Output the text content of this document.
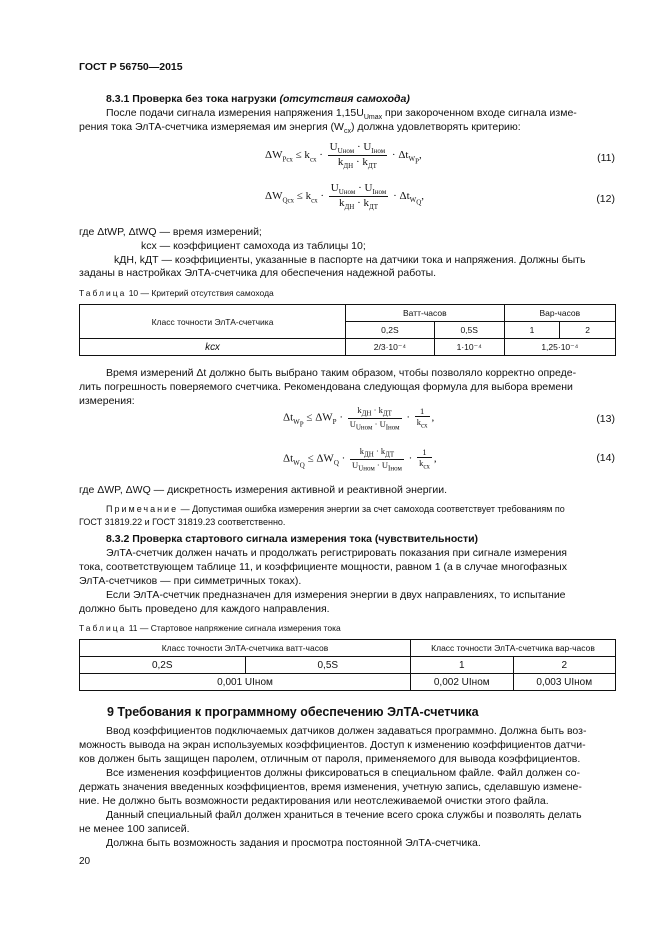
ГОСТ Р 56750—2015
8.3.1 Проверка без тока нагрузки (отсутствия самохода)
После подачи сигнала измерения напряжения $1,15U_{Umax}$ при закороченном входе сигнала изме-
рения тока ЭлТА-счетчика измеряемая им энергия $(W_{сх})$ должна удовлетворять критерию:
$\Delta W_{Pсх} \le k_{сх} \cdot \frac{U_{Uном} \cdot U_{Iном}}{k_{ДН} \cdot k_{ДТ}} \cdot \Delta t_{W_P}$,	(11)
$\Delta W_{Qсх} \le k_{сх} \cdot \frac{U_{Uном} \cdot U_{Iном}}{k_{ДН} \cdot k_{ДТ}} \cdot \Delta t_{W_Q}$,	(12)
где ΔtWP, ΔtWQ — время измерений;
kсх — коэффициент самохода из таблицы 10;
kДН, kДТ — коэффициенты, указанные в паспорте на датчики тока и напряжения. Должны быть
заданы в настройках ЭлТА-счетчика для обеспечения надежной работы.
Таблица 10 — Критерий отсутствия самохода
Класс точности ЭлТА-счетчика	Ватт-часов		Вар-часов	
	0,2S	0,5S	1	2
kсх	2/3·10⁻⁴	1·10⁻⁴	1,25·10⁻⁴	
Время измерений Δt должно быть выбрано таким образом, чтобы позволяло корректно опреде-
лить погрешность поверяемого счетчика. Рекомендована следующая формула для выбора времени
измерения:
$\Delta t_{W_P} \le \Delta W_P \cdot \frac{k_{ДН} \cdot k_{ДТ}}{U_{Uном} \cdot U_{Iном}} \cdot \frac{1}{k_{сх}}$ ,	(13)
$\Delta t_{W_Q} \le \Delta W_Q \cdot \frac{k_{ДН} \cdot k_{ДТ}}{U_{Uном} \cdot U_{Iном}} \cdot \frac{1}{k_{сх}}$ ,	(14)
где ΔWP, ΔWQ — дискретность измерения активной и реактивной энергии.
Примечание — Допустимая ошибка измерения энергии за счет самохода соответствует требованиям по
ГОСТ 31819.22 и ГОСТ 31819.23 соответственно.
8.3.2 Проверка стартового сигнала измерения тока (чувствительности)
ЭлТА-счетчик должен начать и продолжать регистрировать показания при сигнале измерения
тока, соответствующем таблице 11, и коэффициенте мощности, равном 1 (а в случае многофазных
ЭлТА-счетчиков — при симметричных токах).
Если ЭлТА-счетчик предназначен для измерения энергии в двух направлениях, то испытание
должно быть проведено для каждого направления.
Таблица 11 — Стартовое напряжение сигнала измерения тока
Класс точности ЭлТА-счетчика ватт-часов		Класс точности ЭлТА-счетчика вар-часов	
0,2S	0,5S	1	2
0,001 UIном		0,002 UIном	0,003 UIном
9 Требования к программному обеспечению ЭлТА-счетчика
Ввод коэффициентов подключаемых датчиков должен задаваться программно. Должна быть воз-
можность вывода на экран используемых коэффициентов. Доступ к изменению коэффициентов датчи-
ков должен быть защищен паролем, отличным от пароля, применяемого для вывода коэффициентов.
Все изменения коэффициентов должны фиксироваться в специальном файле. Файл должен со-
держать значения введенных коэффициентов, время изменения, учетную запись, сделавшую измене-
ние. Не должно быть возможности редактирования или неотслеживаемой очистки этого файла.
Данный специальный файл должен храниться в течение всего срока службы и позволять делать
не менее 100 записей.
Должна быть возможность задания и просмотра постоянной ЭлТА-счетчика.
20
